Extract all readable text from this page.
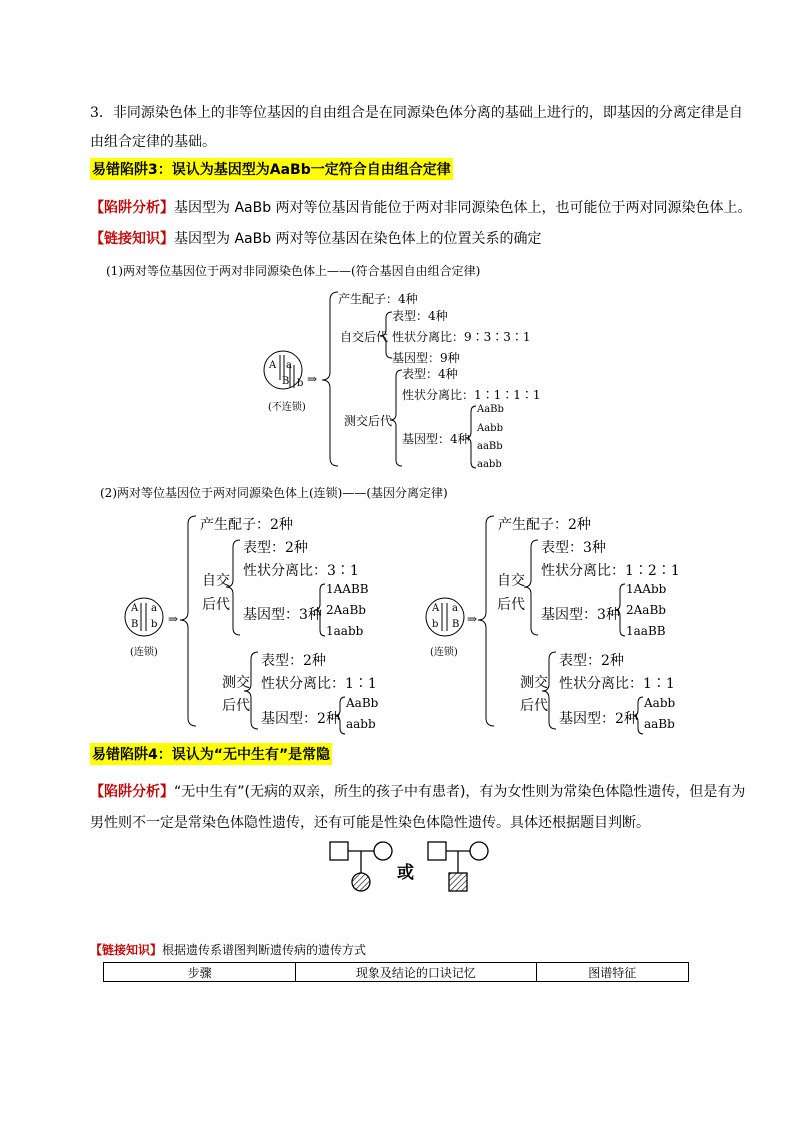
3．非同源染色体上的非等位基因的自由组合是在同源染色体分离的基础上进行的，即基因的分离定律是自
由组合定律的基础。
易错陷阱3：误认为基因型为AaBb一定符合自由组合定律
【陷阱分析】基因型为 AaBb 两对等位基因肯能位于两对非同源染色体上，也可能位于两对同源染色体上。
【链接知识】基因型为 AaBb 两对等位基因在染色体上的位置关系的确定
(1)两对等位基因位于两对非同源染色体上——(符合基因自由组合定律)
A a
B b
(不连锁)
⇒
产生配子：4种
自交后代
表型：4种
性状分离比：9∶3∶3∶1
基因型：9种
测交后代
表型：4种
性状分离比：1∶1∶1∶1
基因型：4种
AaBb
Aabb
aaBb
aabb
(2)两对等位基因位于两对同源染色体上(连锁)——(基因分离定律)
A a
B b
(连锁)
⇒
产生配子：2种
自交
后代
表型：2种
性状分离比：3∶1
基因型：3种
1AABB
2AaBb
1aabb
测交
后代
表型：2种
性状分离比：1∶1
基因型：2种
AaBb
aabb
A a
b B
(连锁)
⇒
产生配子：2种
自交
后代
表型：3种
性状分离比：1∶2∶1
基因型：3种
1AAbb
2AaBb
1aaBB
测交
后代
表型：2种
性状分离比：1∶1
基因型：2种
Aabb
aaBb
易错陷阱4：误认为“无中生有”是常隐
【陷阱分析】“无中生有”(无病的双亲，所生的孩子中有患者)，有为女性则为常染色体隐性遗传，但是有为
男性则不一定是常染色体隐性遗传，还有可能是性染色体隐性遗传。具体还根据题目判断。
或
【链接知识】根据遗传系谱图判断遗传病的遗传方式
步骤	现象及结论的口诀记忆	图谱特征
